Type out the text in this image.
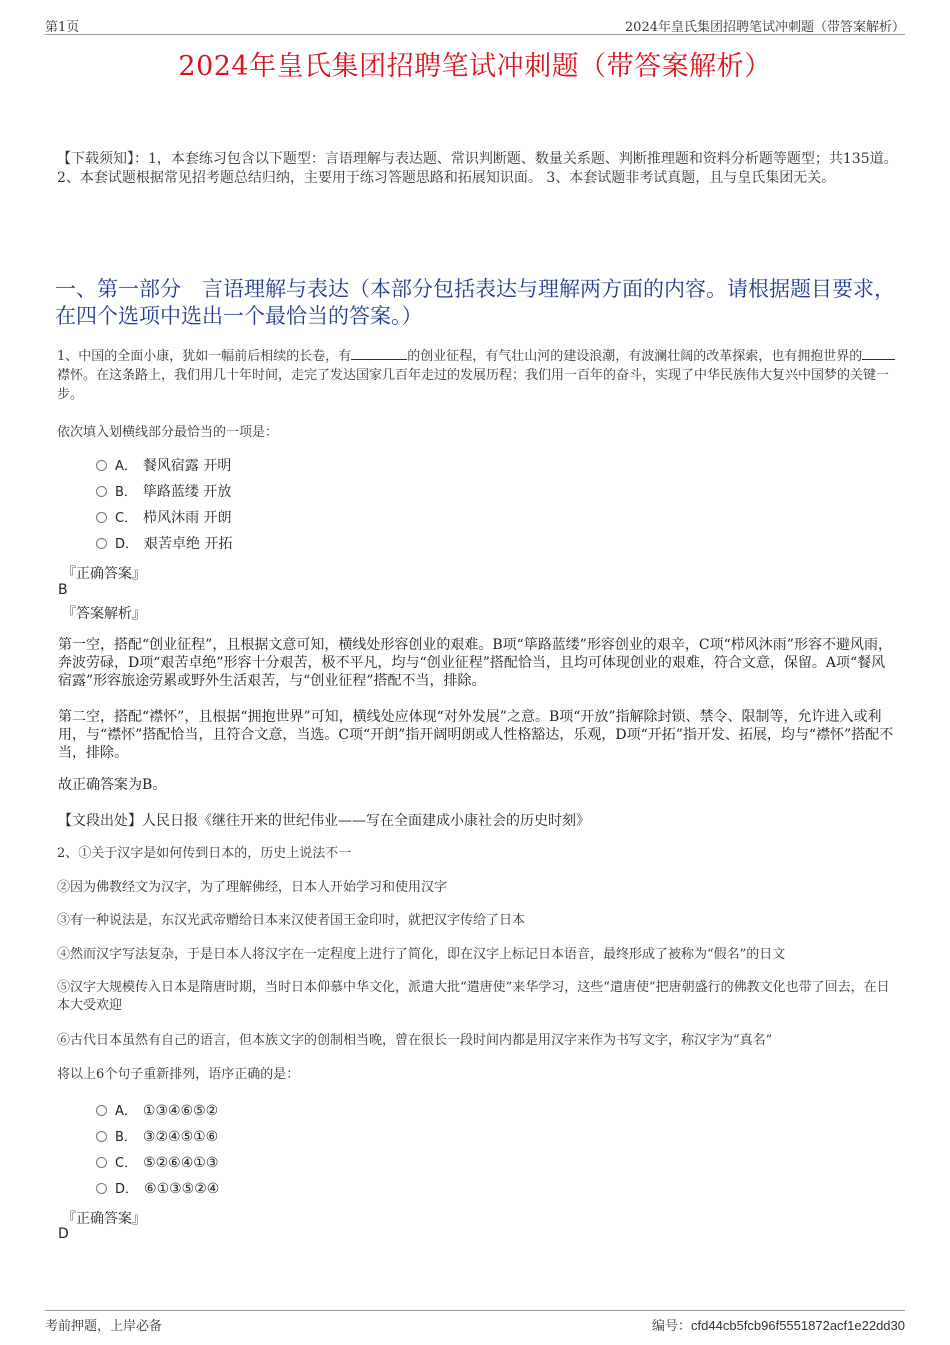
第1页	2024年皇氏集团招聘笔试冲刺题（带答案解析）
2024年皇氏集团招聘笔试冲刺题（带答案解析）
【下载须知】：1，本套练习包含以下题型：言语理解与表达题、常识判断题、数量关系题、判断推理题和资料分析题等题型；共135道。 2、本套试题根据常见招考题总结归纳，主要用于练习答题思路和拓展知识面。 3、本套试题非考试真题，且与皇氏集团无关。
一、第一部分　言语理解与表达（本部分包括表达与理解两方面的内容。请根据题目要求，在四个选项中选出一个最恰当的答案。）
1、中国的全面小康，犹如一幅前后相续的长卷，有	的创业征程，有气壮山河的建设浪潮，有波澜壮阔的改革探索，也有拥抱世界的襟怀。在这条路上，我们用几十年时间，走完了发达国家几百年走过的发展历程；我们用一百年的奋斗，实现了中华民族伟大复兴中国梦的关键一步。
依次填入划横线部分最恰当的一项是：
A． 餐风宿露 开明
B． 筚路蓝缕 开放
C． 栉风沐雨 开朗
D． 艰苦卓绝 开拓
『正确答案』
B
『答案解析』
第一空，搭配“创业征程”，且根据文意可知，横线处形容创业的艰难。B项“筚路蓝缕”形容创业的艰辛，C项“栉风沐雨”形容不避风雨，奔波劳碌，D项“艰苦卓绝”形容十分艰苦，极不平凡，均与“创业征程”搭配恰当，且均可体现创业的艰难，符合文意，保留。A项“餐风宿露”形容旅途劳累或野外生活艰苦，与“创业征程”搭配不当，排除。
第二空，搭配“襟怀”，且根据“拥抱世界”可知，横线处应体现“对外发展”之意。B项“开放”指解除封锁、禁令、限制等，允许进入或利用，与“襟怀”搭配恰当，且符合文意，当选。C项“开朗”指开阔明朗或人性格豁达，乐观，D项“开拓”指开发、拓展，均与“襟怀”搭配不当，排除。
故正确答案为B。
【文段出处】人民日报《继往开来的世纪伟业——写在全面建成小康社会的历史时刻》
2、①关于汉字是如何传到日本的，历史上说法不一
②因为佛教经文为汉字，为了理解佛经，日本人开始学习和使用汉字
③有一种说法是，东汉光武帝赠给日本来汉使者国王金印时，就把汉字传给了日本
④然而汉字写法复杂，于是日本人将汉字在一定程度上进行了简化，即在汉字上标记日本语音，最终形成了被称为“假名”的日文
⑤汉字大规模传入日本是隋唐时期，当时日本仰慕中华文化，派遣大批“遣唐使”来华学习，这些“遣唐使”把唐朝盛行的佛教文化也带了回去，在日本大受欢迎
⑥古代日本虽然有自己的语言，但本族文字的创制相当晚，曾在很长一段时间内都是用汉字来作为书写文字，称汉字为“真名”
将以上6个句子重新排列，语序正确的是：
A． ①③④⑥⑤②
B． ③②④⑤①⑥
C． ⑤②⑥④①③
D． ⑥①③⑤②④
『正确答案』
D
考前押题，上岸必备	编号：cfd44cb5fcb96f5551872acf1e22dd30
